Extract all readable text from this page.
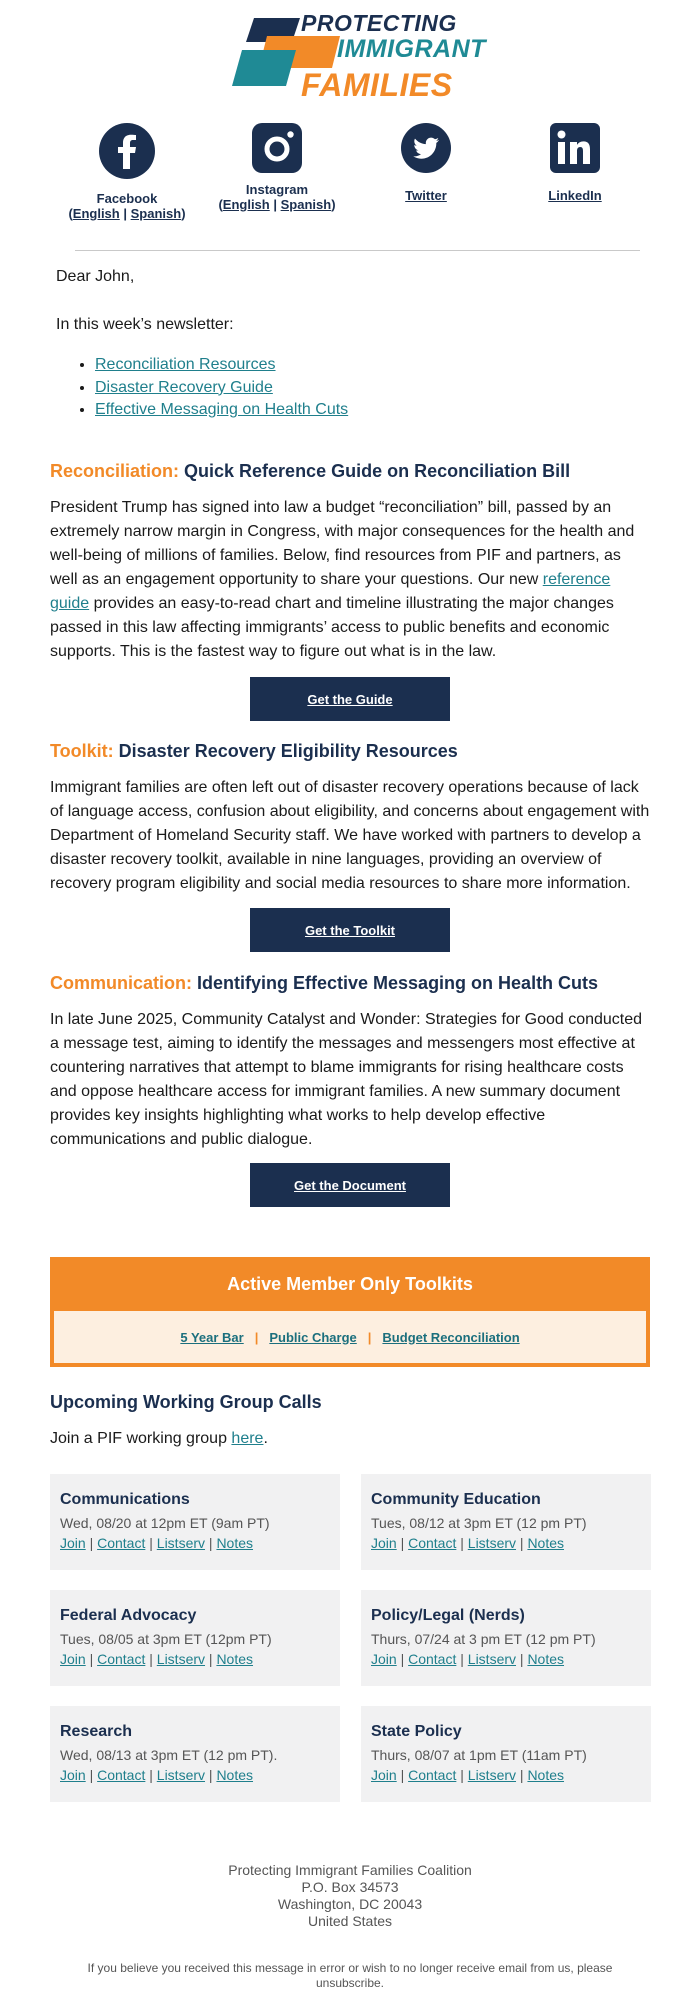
PROTECTING
IMMIGRANT
FAMILIES
Facebook
(English | Spanish)
Instagram
(English | Spanish)
Twitter	LinkedIn
Dear John,
In this week’s newsletter:
• Reconciliation Resources
• Disaster Recovery Guide
• Effective Messaging on Health Cuts
Reconciliation: Quick Reference Guide on Reconciliation Bill
President Trump has signed into law a budget “reconciliation” bill, passed by an extremely narrow margin in Congress, with major consequences for the health and well-being of millions of families. Below, find resources from PIF and partners, as well as an engagement opportunity to share your questions. Our new reference guide provides an easy-to-read chart and timeline illustrating the major changes passed in this law affecting immigrants’ access to public benefits and economic supports. This is the fastest way to figure out what is in the law.
Get the Guide
Toolkit: Disaster Recovery Eligibility Resources
Immigrant families are often left out of disaster recovery operations because of lack of language access, confusion about eligibility, and concerns about engagement with Department of Homeland Security staff. We have worked with partners to develop a disaster recovery toolkit, available in nine languages, providing an overview of recovery program eligibility and social media resources to share more information.
Get the Toolkit
Communication: Identifying Effective Messaging on Health Cuts
In late June 2025, Community Catalyst and Wonder: Strategies for Good conducted a message test, aiming to identify the messages and messengers most effective at countering narratives that attempt to blame immigrants for rising healthcare costs and oppose healthcare access for immigrant families. A new summary document provides key insights highlighting what works to help develop effective communications and public dialogue.
Get the Document
Active Member Only Toolkits
5 Year Bar | Public Charge | Budget Reconciliation
Upcoming Working Group Calls
Join a PIF working group here.
Communications
Wed, 08/20 at 12pm ET (9am PT)
Join | Contact | Listserv | Notes
Community Education
Tues, 08/12 at 3pm ET (12 pm PT)
Join | Contact | Listserv | Notes
Federal Advocacy
Tues, 08/05 at 3pm ET (12pm PT)
Join | Contact | Listserv | Notes
Policy/Legal (Nerds)
Thurs, 07/24 at 3 pm ET (12 pm PT)
Join | Contact | Listserv | Notes
Research
Wed, 08/13 at 3pm ET (12 pm PT).
Join | Contact | Listserv | Notes
State Policy
Thurs, 08/07 at 1pm ET (11am PT)
Join | Contact | Listserv | Notes
Protecting Immigrant Families Coalition
P.O. Box 34573
Washington, DC 20043
United States
If you believe you received this message in error or wish to no longer receive email from us, please unsubscribe.
